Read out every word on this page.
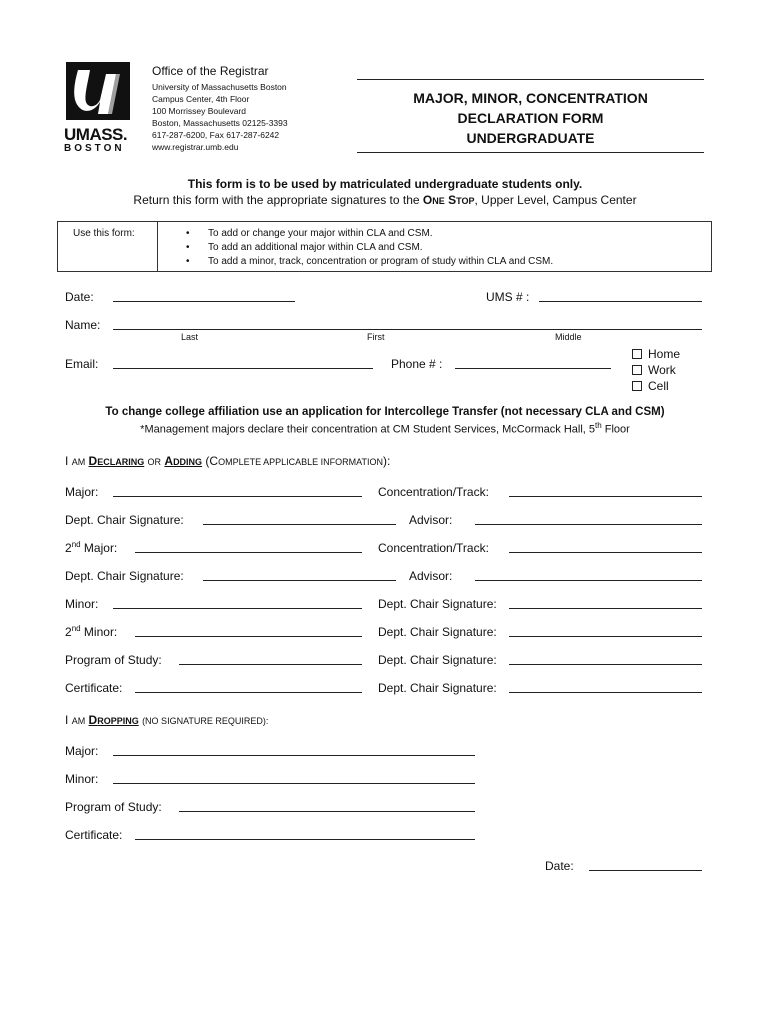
UMASS.
BOSTON
Office of the Registrar
University of Massachusetts Boston
Campus Center, 4th Floor
100 Morrissey Boulevard
Boston, Massachusetts 02125-3393
617-287-6200, Fax 617-287-6242
www.registrar.umb.edu
MAJOR, MINOR, CONCENTRATION
DECLARATION FORM
UNDERGRADUATE
This form is to be used by matriculated undergraduate students only.
Return this form with the appropriate signatures to the ONE STOP, Upper Level, Campus Center
Use this form:	• To add or change your major within CLA and CSM.
• To add an additional major within CLA and CSM.
• To add a minor, track, concentration or program of study within CLA and CSM.
Date:	UMS # :
Name:
Last	First	Middle
Email:	Phone # :
Home
Work
Cell
To change college affiliation use an application for Intercollege Transfer (not necessary CLA and CSM)
*Management majors declare their concentration at CM Student Services, McCormack Hall, 5th Floor
I AM DECLARING OR ADDING (COMPLETE APPLICABLE INFORMATION):
Major:	Concentration/Track:
Dept. Chair Signature:	Advisor:
2nd Major:	Concentration/Track:
Dept. Chair Signature:	Advisor:
Minor:	Dept. Chair Signature:
2nd Minor:	Dept. Chair Signature:
Program of Study:	Dept. Chair Signature:
Certificate:	Dept. Chair Signature:
I AM DROPPING (NO SIGNATURE REQUIRED):
Major:
Minor:
Program of Study:
Certificate:
Date:
